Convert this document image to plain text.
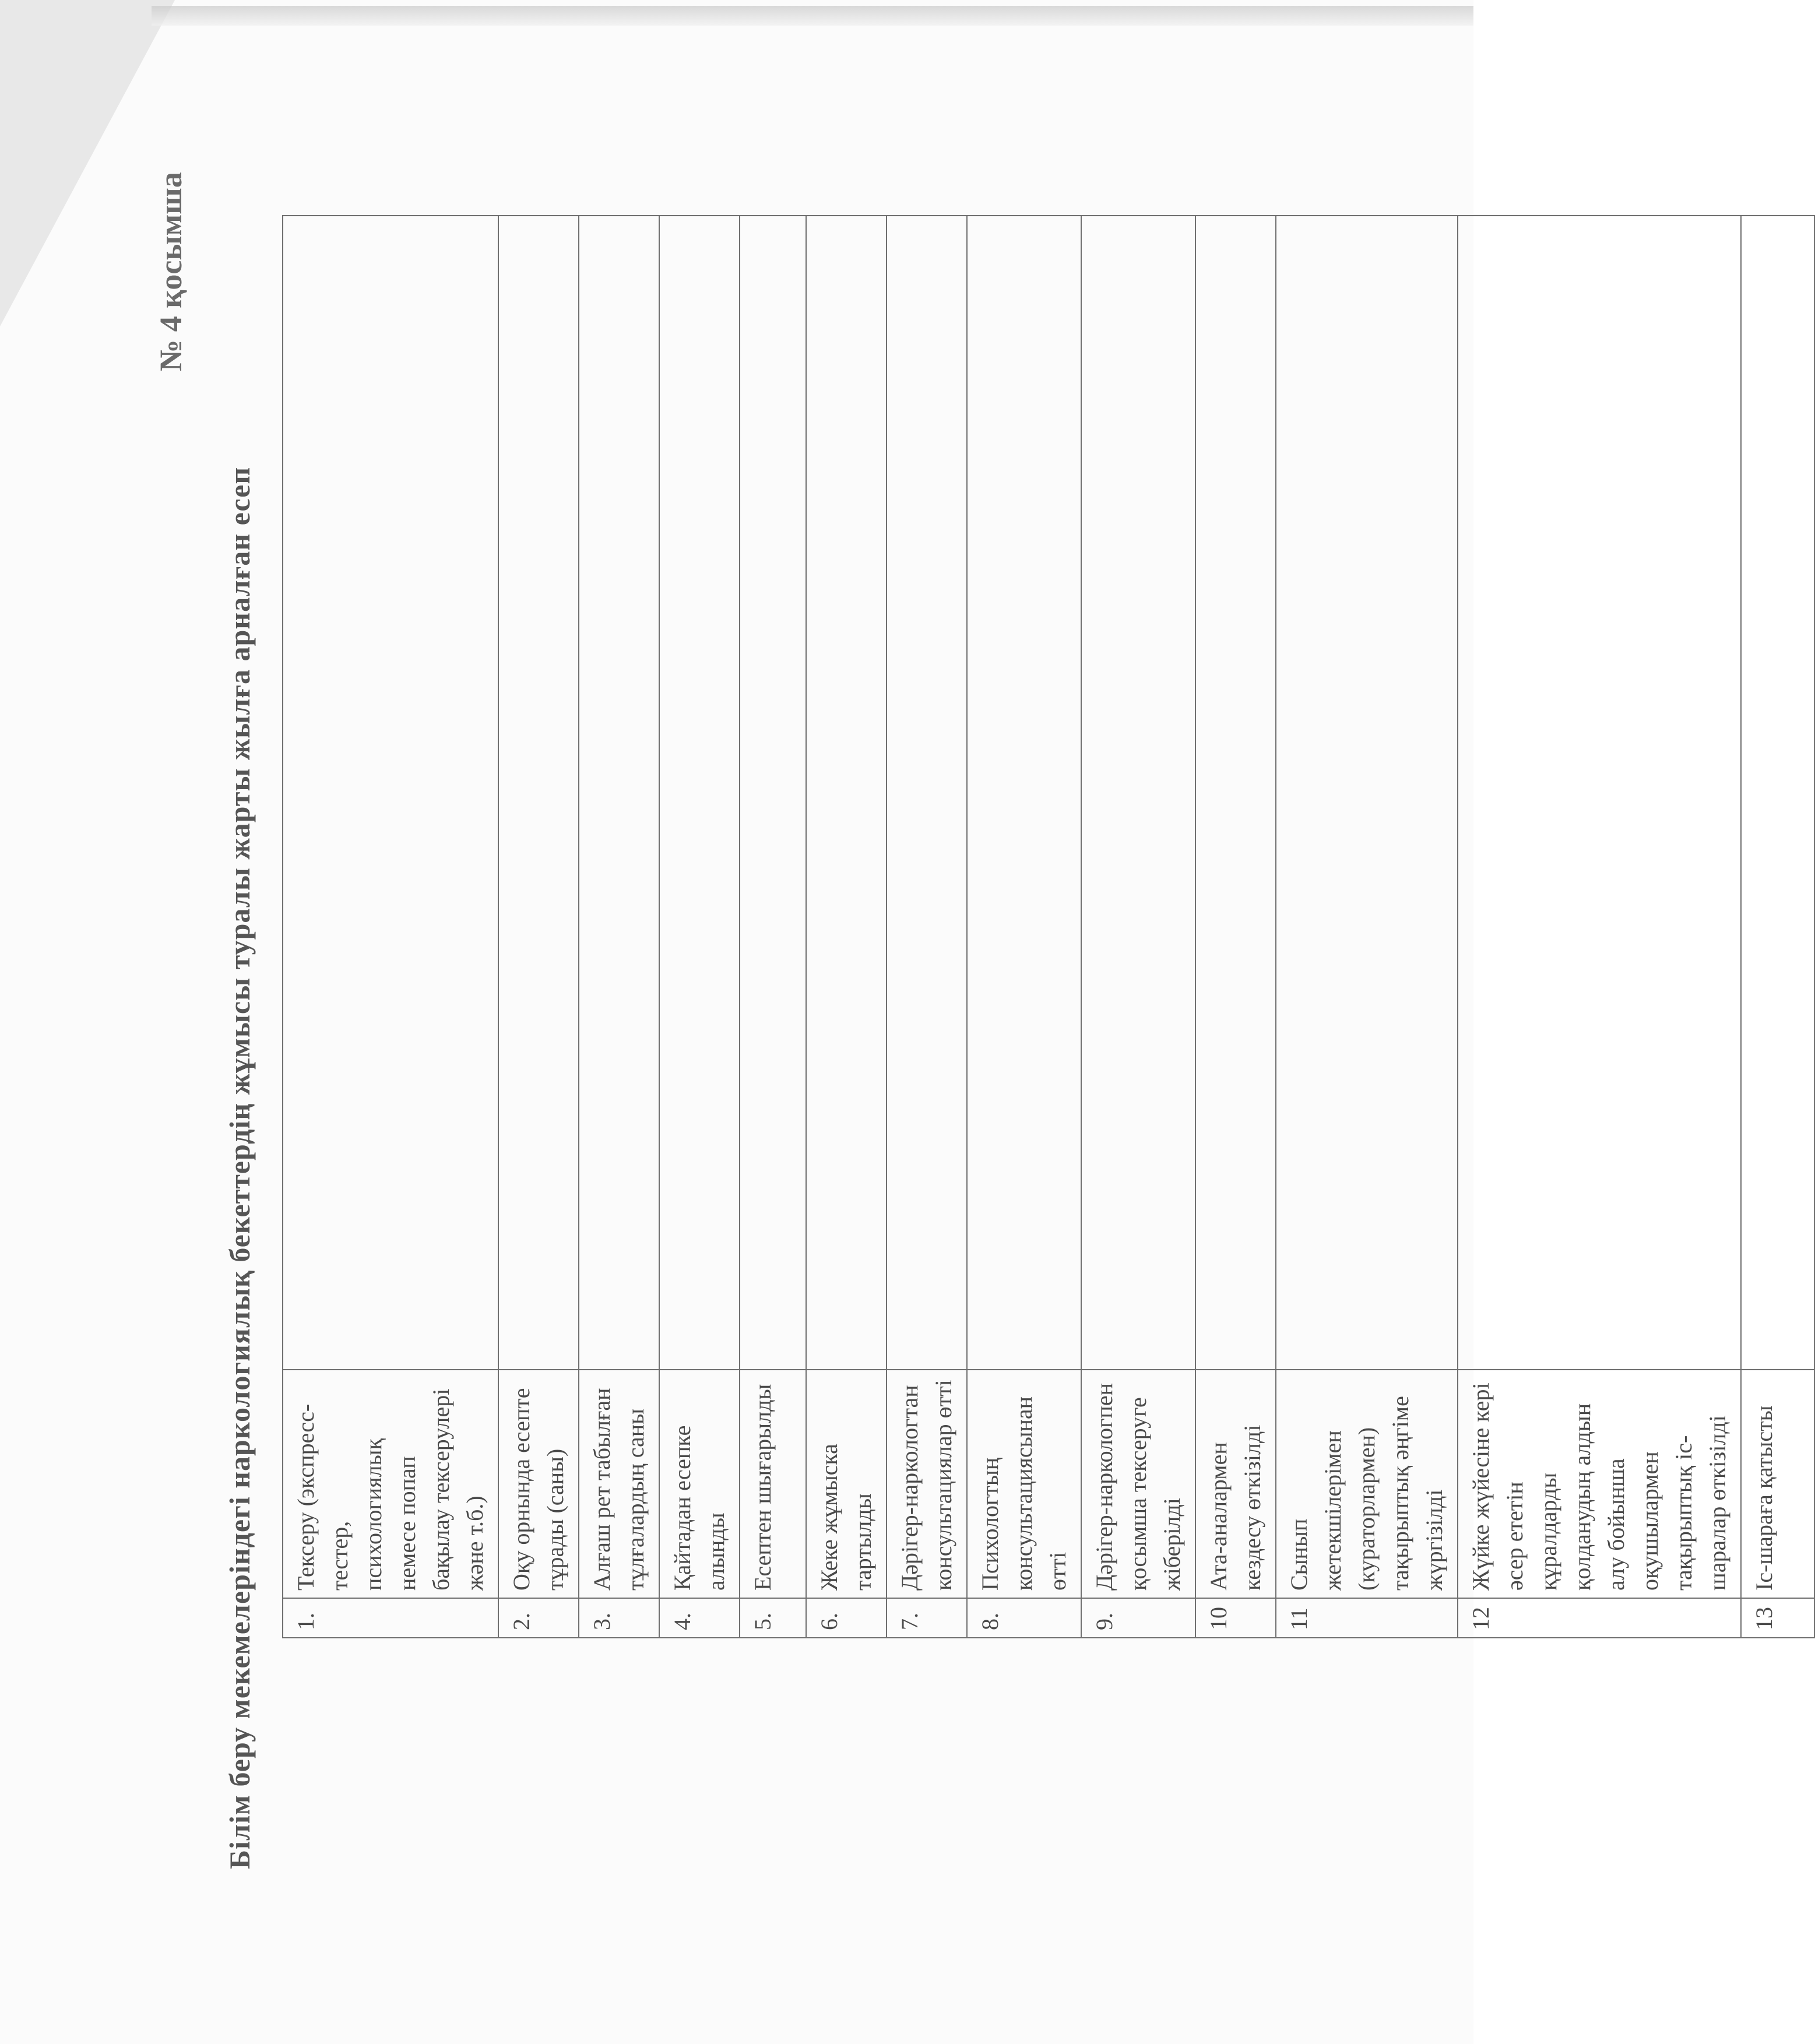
№ 4 қосымша
Білім беру мекемелеріндегі наркологиялық бекеттердің жұмысы туралы жарты жылға арналған есеп 1.	Тексеру (экспресс-тестер, психологиялық немесе попап бақылау тексерулері және т.б.)	
2.	Оқу орнында есепте тұрады (саны)	
3.	Алғаш рет табылған тұлғалардың саны	
4.	Қайтадан есепке алынды	
5.	Есептен шығарылды	
6.	Жеке жұмыска тартылды	
7.	Дәрігер-наркологтан консультациялар өтті	
8.	Психологтың консультациясынан өтті	
9.	Дәрігер-наркологпен қосымша тексеруге жіберілді	
10	Ата-аналармен кездесу өткізілді	
11	Сынып жетекшілерімен (кураторлармен) тақырыптық әңгіме жүргізілді	
12	Жүйке жүйесіне кері әсер ететін құралдарды қолданудың алдын алу бойынша оқушылармен тақырыптық іс-шаралар өткізілді	
13	Іс-шараға қатысты	
